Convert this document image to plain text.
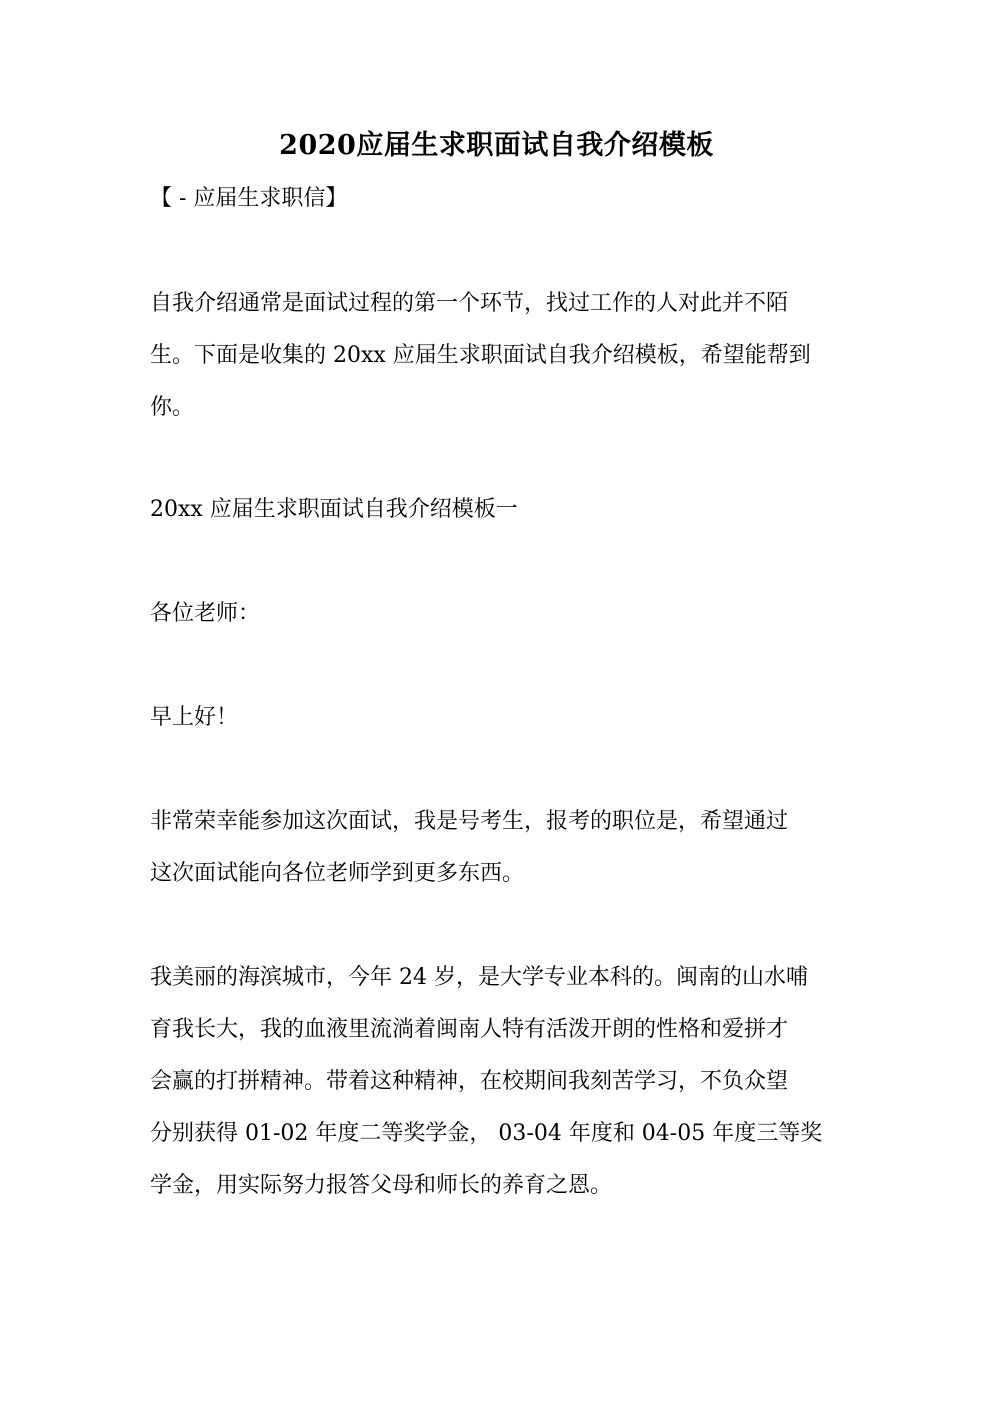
2020应届生求职面试自我介绍模板
【 - 应届生求职信】
自我介绍通常是面试过程的第一个环节，找过工作的人对此并不陌
生。下面是收集的 20xx 应届生求职面试自我介绍模板，希望能帮到
你。
20xx 应届生求职面试自我介绍模板一
各位老师：
早上好！
非常荣幸能参加这次面试，我是号考生，报考的职位是，希望通过
这次面试能向各位老师学到更多东西。
我美丽的海滨城市，今年 24 岁，是大学专业本科的。闽南的山水哺
育我长大，我的血液里流淌着闽南人特有活泼开朗的性格和爱拼才
会赢的打拼精神。带着这种精神，在校期间我刻苦学习，不负众望
分别获得 01-02 年度二等奖学金， 03-04 年度和 04-05 年度三等奖
学金，用实际努力报答父母和师长的养育之恩。
